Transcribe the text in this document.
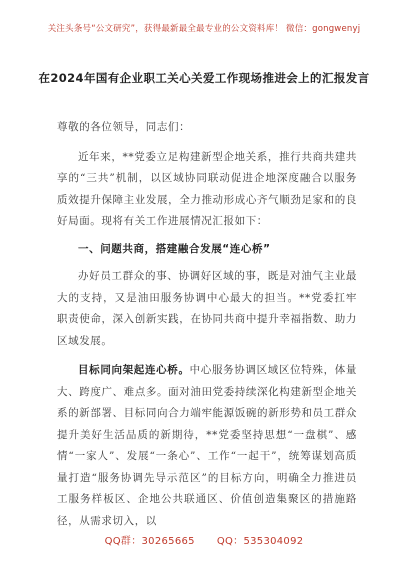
关注头条号“公文研究”，获得最新最全最专业的公文资料库！ 微信：gongwenyj
在2024年国有企业职工关心关爱工作现场推进会上的汇报发言

尊敬的各位领导，同志们：

近年来，**党委立足构建新型企地关系，推行共商共建共享的“三共”机制，以区域协同联动促进企地深度融合以服务质效提升保障主业发展，全力推动形成心齐气顺劲足家和的良好局面。现将有关工作进展情况汇报如下：

一、问题共商，搭建融合发展“连心桥”

办好员工群众的事、协调好区域的事，既是对油气主业最大的支持，又是油田服务协调中心最大的担当。**党委扛牢职责使命，深入创新实践，在协同共商中提升幸福指数、助力区域发展。

目标同向架起连心桥。中心服务协调区域区位特殊，体量大、跨度广、难点多。面对油田党委持续深化构建新型企地关系的新部署、目标同向合力端牢能源饭碗的新形势和员工群众提升美好生活品质的新期待，**党委坚持思想“一盘棋”、感情“一家人”、发展“一条心”、工作“一起干”，统筹谋划高质量打造“服务协调先导示范区”的目标方向，明确全力推进员工服务样板区、企地公共联通区、价值创造集聚区的措施路径，从需求切入，以

QQ群：30265665 QQ：535304092
